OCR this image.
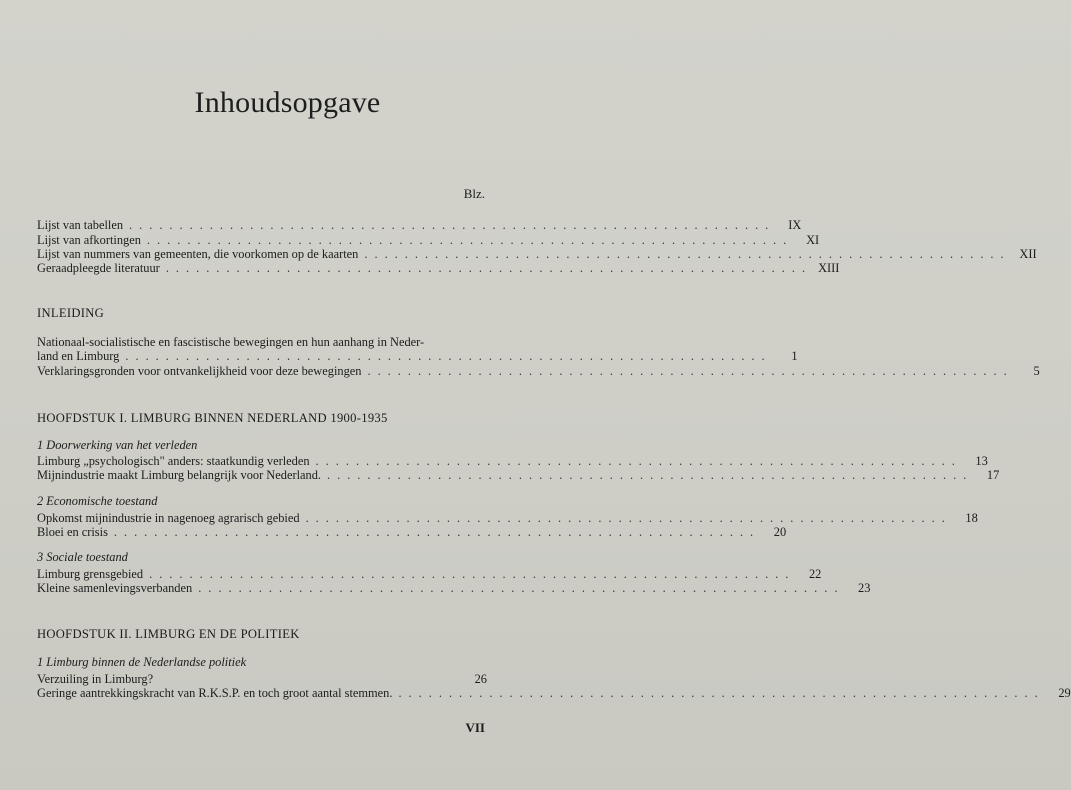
Inhoudsopgave
Blz.
Lijst van tabellen ................................................................	IX
Lijst van afkortingen ................................................................	XI
Lijst van nummers van gemeenten, die voorkomen op de kaarten ................................................................ XII
Geraadpleegde literatuur ................................................................ XIII
INLEIDING
Nationaal-socialistische en fascistische bewegingen en hun aanhang in Neder-
land en Limburg ................................................................	1
Verklaringsgronden voor ontvankelijkheid voor deze bewegingen ................................................................	5
HOOFDSTUK I. LIMBURG BINNEN NEDERLAND 1900-1935
1 Doorwerking van het verleden
Limburg „psychologisch" anders: staatkundig verleden ................................................................	13
Mijnindustrie maakt Limburg belangrijk voor Nederland. ................................................................	17
2 Economische toestand
Opkomst mijnindustrie in nagenoeg agrarisch gebied ................................................................	18
Bloei en crisis ................................................................	20
3 Sociale toestand
Limburg grensgebied ................................................................	22
Kleine samenlevingsverbanden ................................................................	23
HOOFDSTUK II. LIMBURG EN DE POLITIEK
1 Limburg binnen de Nederlandse politiek
Verzuiling in Limburg?	26
Geringe aantrekkingskracht van R.K.S.P. en toch groot aantal stemmen. ................................................................	29
VII
